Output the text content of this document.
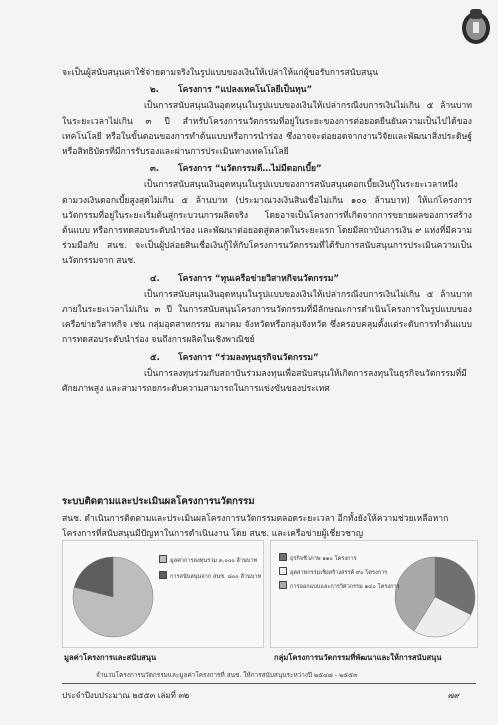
จะเป็นผู้สนับสนุนค่าใช้จ่ายตามจริงในรูปแบบของเงินให้เปล่าให้แก่ผู้ขอรับการสนับสนุน

๒. โครงการ “แปลงเทคโนโลยีเป็นทุน”

เป็นการสนับสนุนเงินอุดหนุนในรูปแบบของเงินให้เปล่ากรณีงบการเงินไม่เกิน ๕ ล้านบาท ในระยะเวลาไม่เกิน ๓ ปี สำหรับโครงการนวัตกรรมที่อยู่ในระยะของการต่อยอดยืนยันความเป็นไปได้ของเทคโนโลยี หรือในขั้นตอนของการทำต้นแบบหรือการนำร่อง ซึ่งอาจจะต่อยอดจากงานวิจัยและพัฒนาสิ่งประดิษฐ์ หรือสิทธิบัตรที่มีการรับรองและผ่านการประเมินทางเทคโนโลยี

๓. โครงการ “นวัตกรรมดี…ไม่มีดอกเบี้ย”

เป็นการสนับสนุนเงินอุดหนุนในรูปแบบของการสนับสนุนดอกเบี้ยเงินกู้ในระยะเวลาหนึ่งตามวงเงินดอกเบี้ยสูงสุดไม่เกิน ๕ ล้านบาท (ประมาณวงเงินสินเชื่อไม่เกิน ๑๐๐ ล้านบาท) ให้แก่โครงการนวัตกรรมที่อยู่ในระยะเริ่มต้นสู่กระบวนการผลิตจริง โดยอาจเป็นโครงการที่เกิดจากการขยายผลของการสร้างต้นแบบ หรือการทดสอบระดับนำร่อง และพัฒนาต่อยอดสู่ตลาดในระยะแรก โดยมีสถาบันการเงิน ๙ แห่งที่มีความร่วมมือกับ สนช. จะเป็นผู้ปล่อยสินเชื่อเงินกู้ให้กับโครงการนวัตกรรมที่ได้รับการสนับสนุนการประเมินความเป็นนวัตกรรมจาก สนช.

๔. โครงการ “ทุนเครือข่ายวิสาหกิจนวัตกรรม”

เป็นการสนับสนุนเงินอุดหนุนในรูปแบบของเงินให้เปล่ากรณีงบการเงินไม่เกิน ๕ ล้านบาท ภายในระยะเวลาไม่เกิน ๓ ปี ในการสนับสนุนโครงการนวัตกรรมที่มีลักษณะการดำเนินโครงการในรูปแบบของเครือข่ายวิสาหกิจ เช่น กลุ่มอุตสาหกรรม สมาคม จังหวัดหรือกลุ่มจังหวัด ซึ่งครอบคลุมตั้งแต่ระดับการทำต้นแบบ การทดสอบระดับนำร่อง จนถึงการผลิตในเชิงพาณิชย์

๕. โครงการ “ร่วมลงทุนธุรกิจนวัตกรรม”

เป็นการลงทุนร่วมกับสถาบันร่วมลงทุนเพื่อสนับสนุนให้เกิดการลงทุนในธุรกิจนวัตกรรมที่มีศักยภาพสูง และสามารถยกระดับความสามารถในการแข่งขันของประเทศ

ระบบติดตามและประเมินผลโครงการนวัตกรรม
สนช. ดำเนินการติดตามและประเมินผลโครงการนวัตกรรมตลอดระยะเวลา อีกทั้งยังให้ความช่วยเหลือหากโครงการที่สนับสนุนมีปัญหาในการดำเนินงาน โดย สนช. และเครือข่ายผู้เชี่ยวชาญ
มูลค่าการลงทุนรวม ๓,๐๐๐ ล้านบาท
การสนับสนุนจาก สนช. ๘๐๐ ล้านบาท
ธุรกิจชีวภาพ ๑๑๐ โครงการ
อุตสาหกรรมเชิงสร้างสรรค์ ๙๐ โครงการ
การออกแบบและการวิศวกรรม ๑๔๐ โครงการ
มูลค่าโครงการและสนับสนุน	กลุ่มโครงการนวัตกรรมที่พัฒนาและให้การสนับสนุน
จำนวนโครงการนวัตกรรมและมูลค่าโครงการที่ สนช. ให้การสนับสนุนระหว่างปี ๒๕๔๗ - ๒๕๕๓
ประจำปีงบประมาณ ๒๕๕๓ เล่มที่ ๓๒	๗๙
